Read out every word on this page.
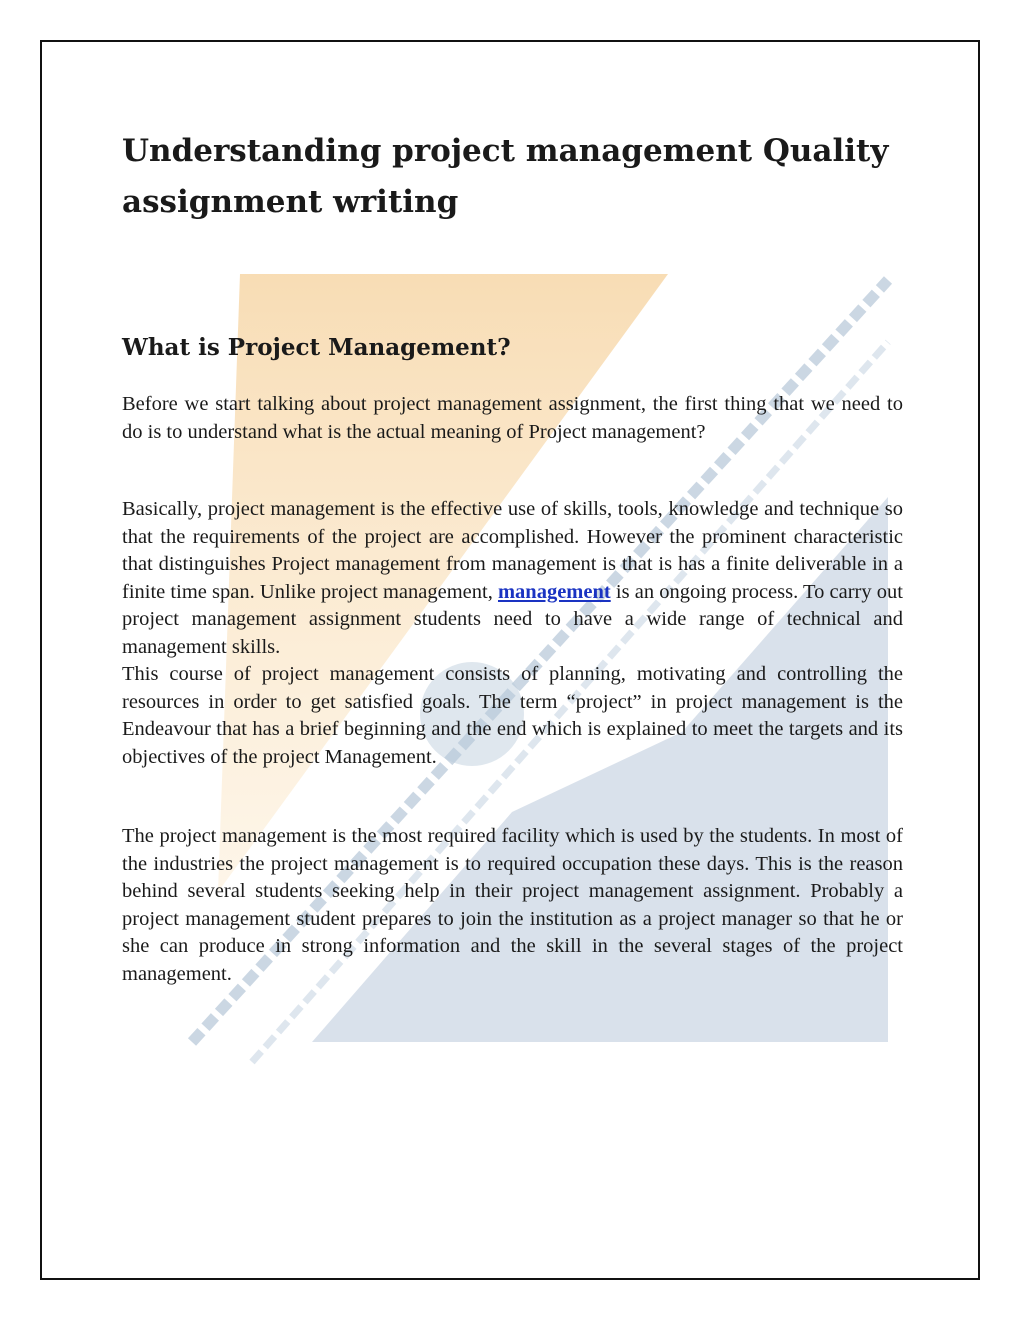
Understanding project management Quality assignment writing
What is Project Management?

Before we start talking about project management assignment, the first thing that we need to do is to understand what is the actual meaning of Project management?

Basically, project management is the effective use of skills, tools, knowledge and technique so that the requirements of the project are accomplished. However the prominent characteristic that distinguishes Project management from management is that is has a finite deliverable in a finite time span. Unlike project management, management is an ongoing process. To carry out project management assignment students need to have a wide range of technical and management skills.
This course of project management consists of planning, motivating and controlling the resources in order to get satisfied goals. The term “project” in project management is the Endeavour that has a brief beginning and the end which is explained to meet the targets and its objectives of the project Management.

The project management is the most required facility which is used by the students. In most of the industries the project management is to required occupation these days. This is the reason behind several students seeking help in their project management assignment. Probably a project management student prepares to join the institution as a project manager so that he or she can produce in strong information and the skill in the several stages of the project management.
